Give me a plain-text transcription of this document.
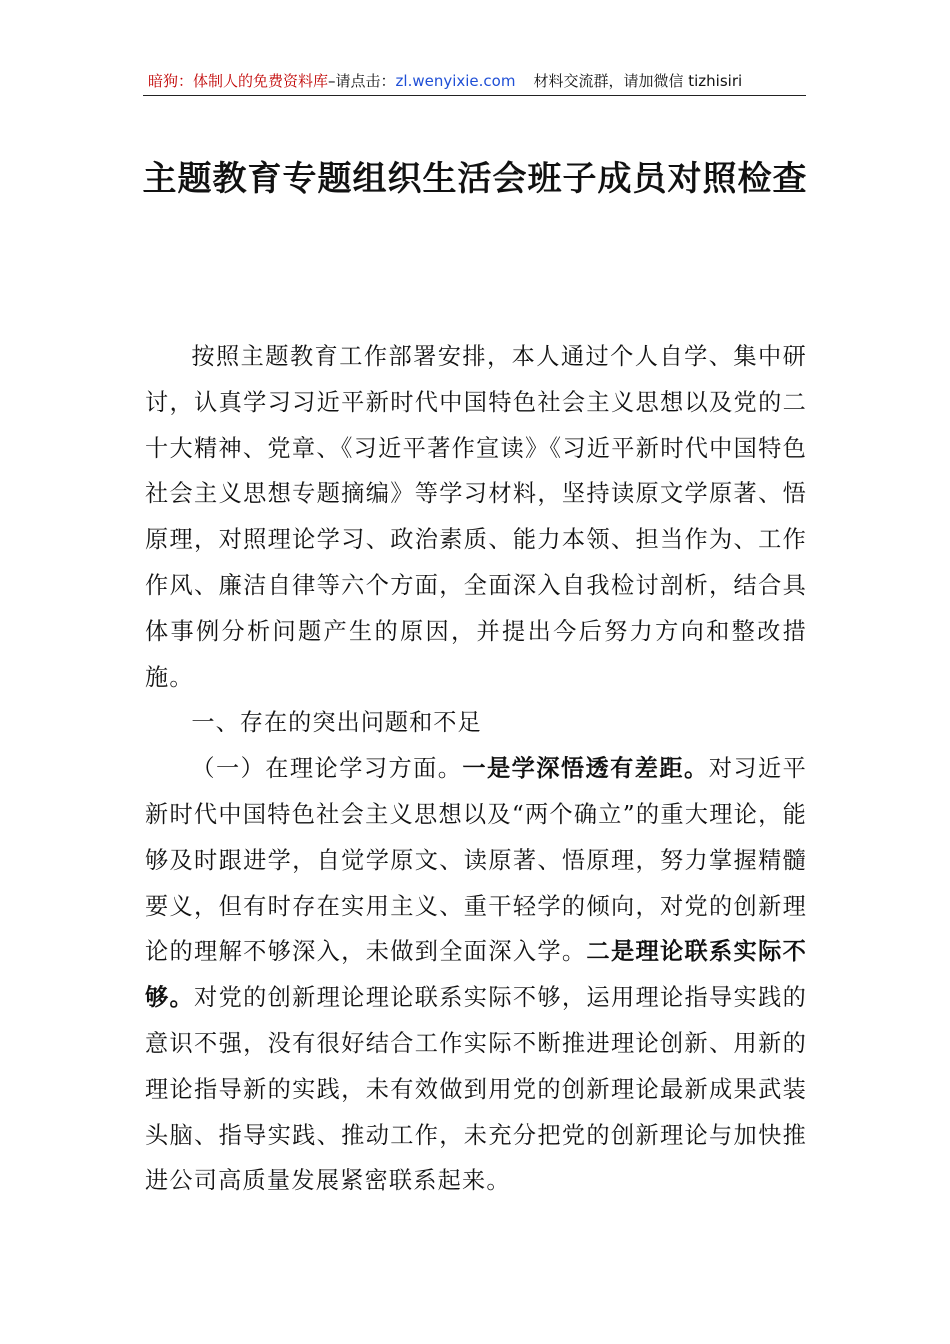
暗狗：体制人的免费资料库–请点击：zl.wenyixie.com 材料交流群，请加微信 tizhisiri
主题教育专题组织生活会班子成员对照检查

按照主题教育工作部署安排，本人通过个人自学、集中研讨，认真学习习近平新时代中国特色社会主义思想以及党的二十大精神、党章、《习近平著作宣读》《习近平新时代中国特色社会主义思想专题摘编》等学习材料，坚持读原文学原著、悟原理，对照理论学习、政治素质、能力本领、担当作为、工作作风、廉洁自律等六个方面，全面深入自我检讨剖析，结合具体事例分析问题产生的原因，并提出今后努力方向和整改措施。

一、存在的突出问题和不足

（一）在理论学习方面。一是学深悟透有差距。对习近平新时代中国特色社会主义思想以及“两个确立”的重大理论，能够及时跟进学，自觉学原文、读原著、悟原理，努力掌握精髓要义，但有时存在实用主义、重干轻学的倾向，对党的创新理论的理解不够深入，未做到全面深入学。二是理论联系实际不够。对党的创新理论理论联系实际不够，运用理论指导实践的意识不强，没有很好结合工作实际不断推进理论创新、用新的理论指导新的实践，未有效做到用党的创新理论最新成果武装头脑、指导实践、推动工作，未充分把党的创新理论与加快推进公司高质量发展紧密联系起来。
